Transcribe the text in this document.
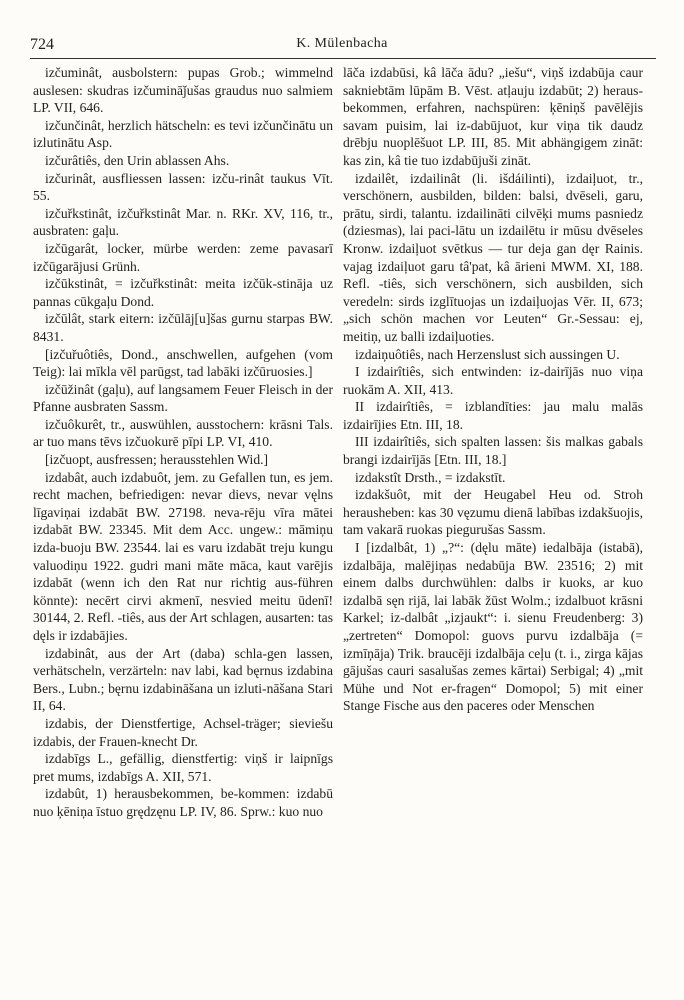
724	K. Mülenbacha

izčuminât, ausbolstern: pupas Grob.; wimmelnd auslesen: skudras izčumināǰušas graudus nuo salmiem LP. VII, 646.

izčunčinât, herzlich hätscheln: es tevi izčunčinātu un izlutinātu Asp.

izčurâtiês, den Urin ablassen Ahs.

izčurinât, ausfliessen lassen: izču-rinât taukus Vīt. 55.

izčuřkstinât, izčuřkstinât Mar. n. RKr. XV, 116, tr., ausbraten: gaļu.

izčūgarât, locker, mürbe werden: zeme pavasarī izčūgarājusi Grünh.

izčūkstinât, = izčuřkstinât: meita izčūk-stināja uz pannas cūkgaļu Dond.

izčūlât, stark eitern: izčūlāj[u]šas gurnu starpas BW. 8431.

[izčuřuôtiês, Dond., anschwellen, aufgehen (vom Teig): lai mīkla vēl parūgst, tad labāki izčūruosies.]

izčūžinât (gaļu), auf langsamem Feuer Fleisch in der Pfanne ausbraten Sassm.

izčuôkurêt, tr., auswühlen, ausstochern: krāsni Tals. ar tuo mans tēvs izčuokurē pīpi LP. VI, 410.

[izčuopt, ausfressen; herausstehlen Wid.]

izdabât, auch izdabuôt, jem. zu Gefallen tun, es jem. recht machen, befriedigen: nevar dievs, nevar vęlns līgaviņai izdabāt BW. 27198. neva-rēju vīra mātei izdabāt BW. 23345. Mit dem Acc. ungew.: māmiņu izda-buoju BW. 23544. lai es varu izdabāt treju kungu valuodiņu 1922. gudri mani māte māca, kaut varējis izdabāt (wenn ich den Rat nur richtig aus-führen könnte): necērt cirvi akmenī, nesvied meitu ūdenī! 30144, 2. Refl. -tiês, aus der Art schlagen, ausarten: tas dęls ir izdabājies.

izdabinât, aus der Art (daba) schla-gen lassen, verhätscheln, verzärteln: nav labi, kad bęrnus izdabina Bers., Lubn.; bęrnu izdabināšana un izluti-nāšana Stari II, 64.

izdabis, der Dienstfertige, Achsel-träger; sieviešu izdabis, der Frauen-knecht Dr.

izdabīgs L., gefällig, dienstfertig: viņš ir laipnīgs pret mums, izdabīgs A. XII, 571.

izdabût, 1) herausbekommen, be-kommen: izdabū nuo ķēniņa īstuo grędzęnu LP. IV, 86. Sprw.: kuo nuo

lāča izdabūsi, kâ lāča ādu? „iešu“, viņš izdabūja caur sakniebtām lūpām B. Vēst. atļauju izdabūt; 2) heraus-bekommen, erfahren, nachspüren: ķēniņš pavēlējis savam puisim, lai iz-dabūjuot, kur viņa tik daudz drēbju nuoplēšuot LP. III, 85. Mit abhängigem zināt: kas zin, kâ tie tuo izdabūjuši zināt.

izdailêt, izdailinât (li. išdáilinti), izdaiļuot, tr., verschönern, ausbilden, bilden: balsi, dvēseli, garu, prātu, sirdi, talantu. izdailināti cilvēķi mums pasniedz (dziesmas), lai paci-lātu un izdailētu ir mūsu dvēseles Kronw. izdaiļuot svētkus — tur deja gan dęr Rainis. vajag izdaiļuot garu tâ'pat, kâ ārieni MWM. XI, 188. Refl. -tiês, sich verschönern, sich ausbilden, sich veredeln: sirds izglītuojas un izdaiļuojas Vēr. II, 673; „sich schön machen vor Leuten“ Gr.-Sessau: ej, meitiņ, uz balli izdaiļuoties.

izdaiņuôtiês, nach Herzenslust sich aussingen U.

I izdairîtiês, sich entwinden: iz-dairījās nuo viņa ruokām A. XII, 413.

II izdairîtiês, = izblandīties: jau malu malās izdairījies Etn. III, 18.

III izdairîtiês, sich spalten lassen: šis malkas gabals brangi izdairījās [Etn. III, 18.]

izdakstît Drsth., = izdakstīt.

izdakšuôt, mit der Heugabel Heu od. Stroh herausheben: kas 30 vęzumu dienā labības izdakšuojis, tam vakarā ruokas piegurušas Sassm.

I [izdalbât, 1) „?“: (dęlu māte) iedalbāja (istabā), izdalbāja, malējiņas nedabūja BW. 23516; 2) mit einem dalbs durchwühlen: dalbs ir kuoks, ar kuo izdalbā sęn rijā, lai labāk žūst Wolm.; izdalbuot krāsni Karkel; iz-dalbât „izjaukt“: i. sienu Freudenberg: 3) „zertreten“ Domopol: guovs purvu izdalbāja (= izmīņāja) Trik. braucēji izdalbāja ceļu (t. i., zirga kājas gājušas cauri sasalušas zemes kārtai) Serbigal; 4) „mit Mühe und Not er-fragen“ Domopol; 5) mit einer Stange Fische aus den paceres oder Menschen
